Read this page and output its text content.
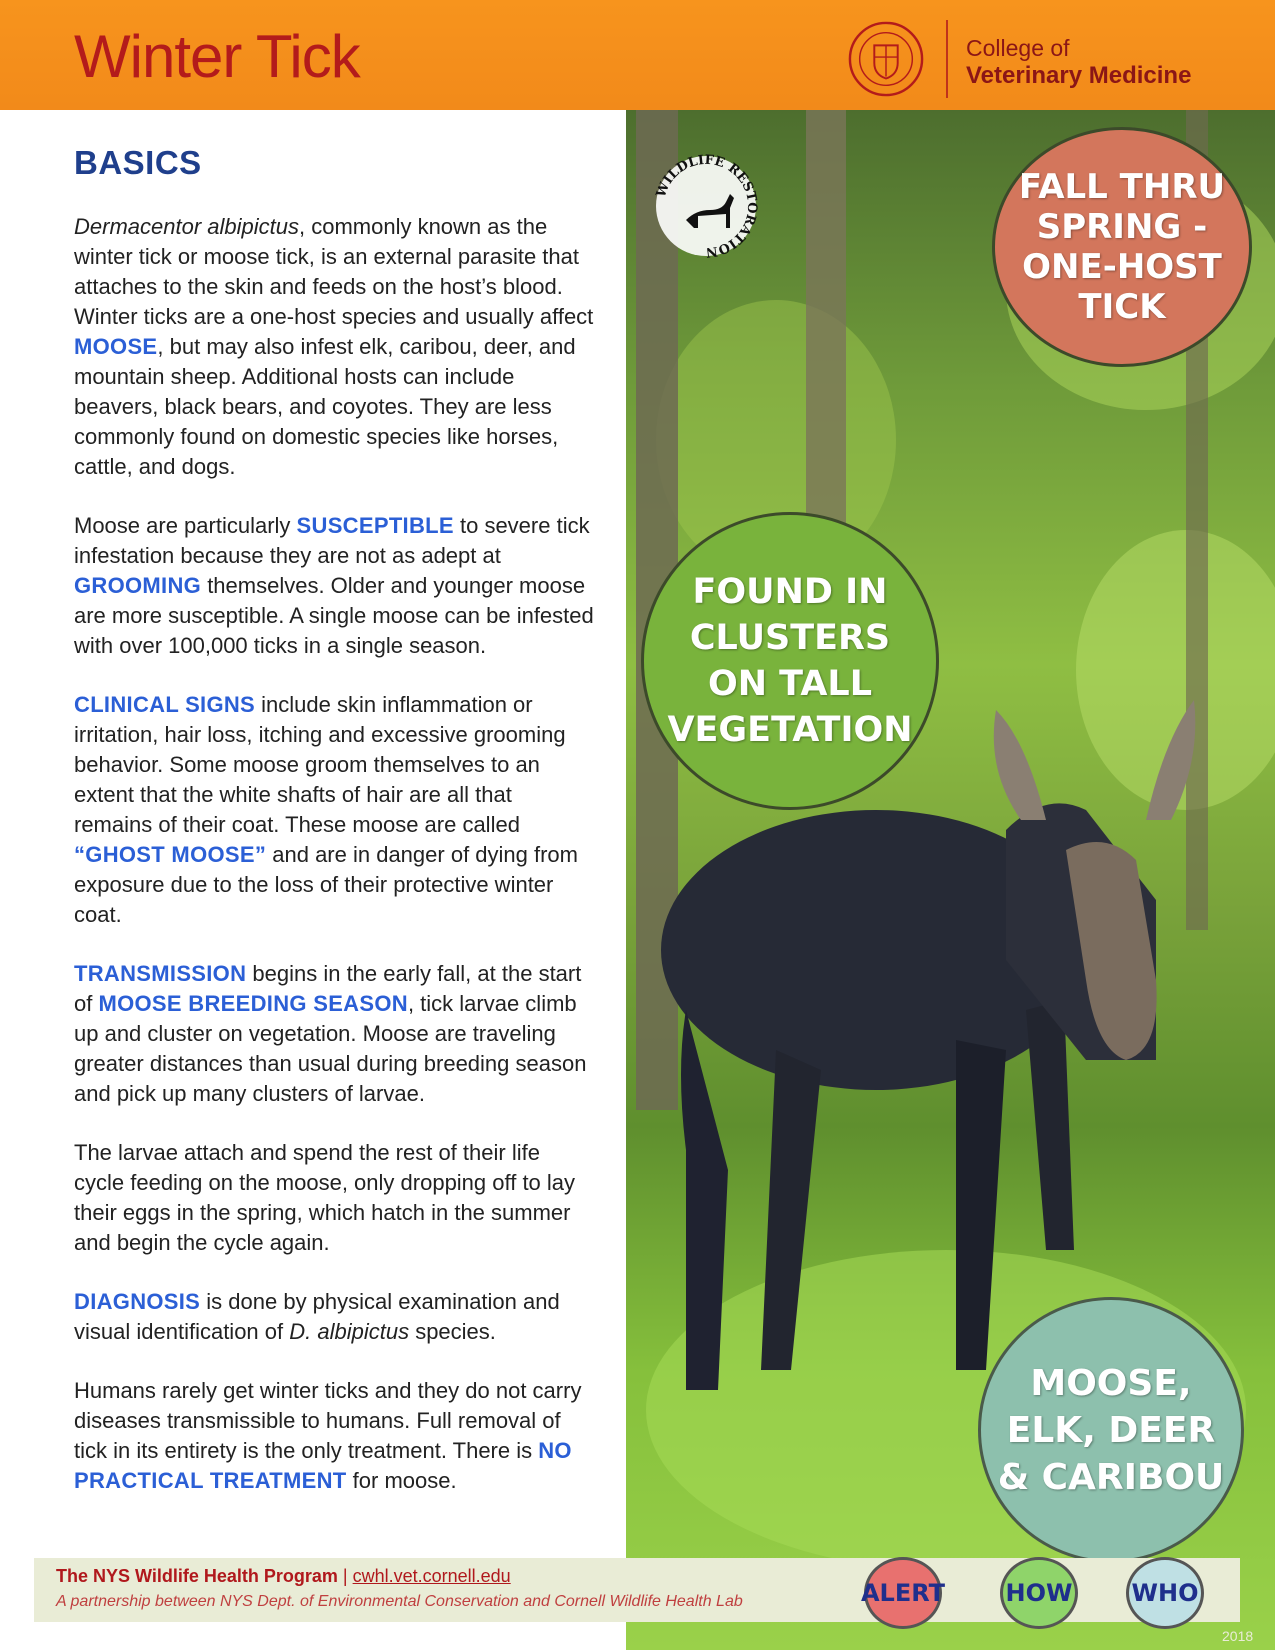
Winter Tick	College of
Veterinary Medicine
WILDLIFE RESTORATION
FALL THRU
SPRING -
ONE-HOST
TICK
FOUND IN
CLUSTERS
ON TALL
VEGETATION
MOOSE,
ELK, DEER
& CARIBOU
BASICS

Dermacentor albipictus, commonly known as the winter tick or moose tick, is an external parasite that attaches to the skin and feeds on the host’s blood. Winter ticks are a one-host species and usually affect MOOSE, but may also infest elk, caribou, deer, and mountain sheep. Additional hosts can include beavers, black bears, and coyotes. They are less commonly found on domestic species like horses, cattle, and dogs.

Moose are particularly SUSCEPTIBLE to severe tick infestation because they are not as adept at GROOMING themselves. Older and younger moose are more susceptible. A single moose can be infested with over 100,000 ticks in a single season.

CLINICAL SIGNS include skin inflammation or irritation, hair loss, itching and excessive grooming behavior. Some moose groom themselves to an extent that the white shafts of hair are all that remains of their coat. These moose are called “GHOST MOOSE” and are in danger of dying from exposure due to the loss of their protective winter coat.

TRANSMISSION begins in the early fall, at the start of MOOSE BREEDING SEASON, tick larvae climb up and cluster on vegetation. Moose are traveling greater distances than usual during breeding season and pick up many clusters of larvae.

The larvae attach and spend the rest of their life cycle feeding on the moose, only dropping off to lay their eggs in the spring, which hatch in the summer and begin the cycle again.

DIAGNOSIS is done by physical examination and visual identification of D. albipictus species.

Humans rarely get winter ticks and they do not carry diseases transmissible to humans. Full removal of tick in its entirety is the only treatment. There is NO PRACTICAL TREATMENT for moose.

The NYS Wildlife Health Program | cwhl.vet.cornell.edu
A partnership between NYS Dept. of Environmental Conservation and Cornell Wildlife Health Lab	ALERT	HOW WHO
2018
